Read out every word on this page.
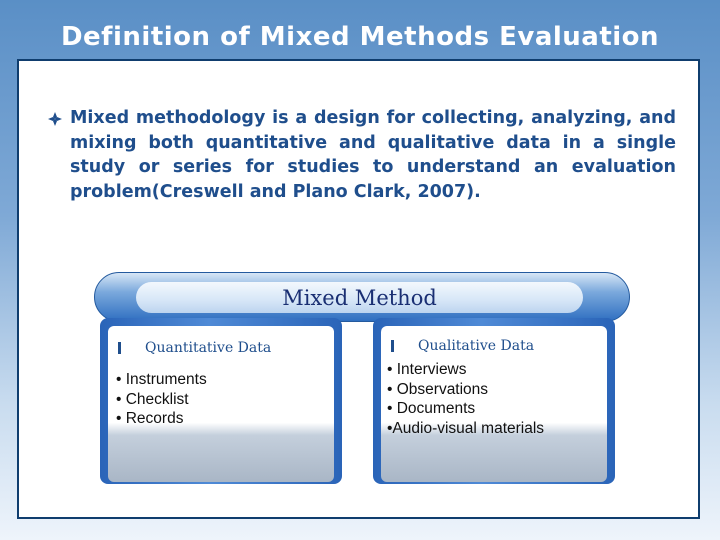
Definition of Mixed Methods Evaluation
Mixed methodology is a design for collecting, analyzing, and mixing both quantitative and qualitative data in a single study or series for studies to understand an evaluation problem(Creswell and Plano Clark, 2007).
Mixed Method
Quantitative Data
• Instruments
• Checklist
• Records
Qualitative Data
• Interviews
• Observations
• Documents
•Audio-visual materials
